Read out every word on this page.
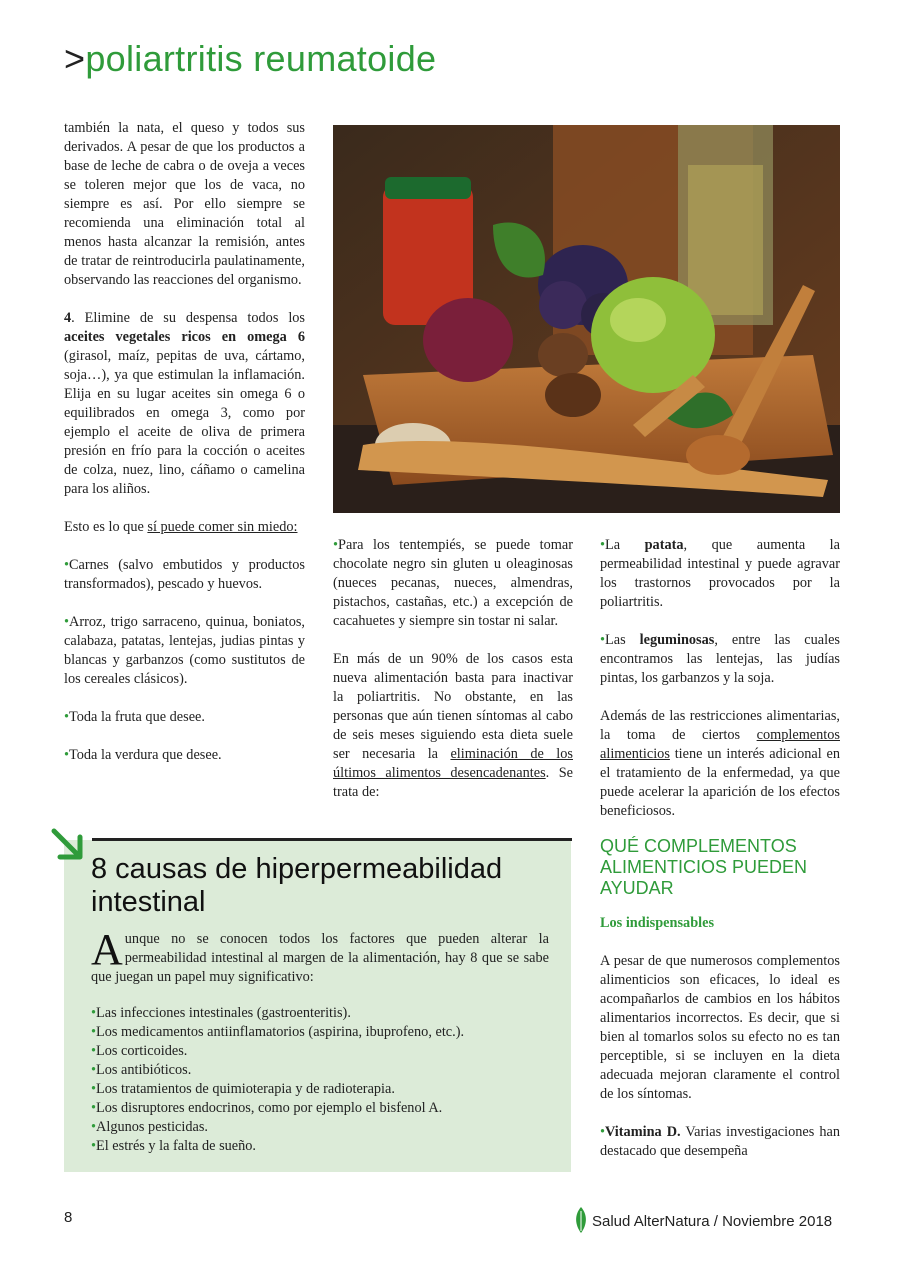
>poliartritis reumatoide

también la nata, el queso y todos sus derivados. A pesar de que los productos a base de leche de cabra o de oveja a veces se toleren mejor que los de vaca, no siempre es así. Por ello siempre se recomienda una eliminación total al menos hasta alcanzar la remisión, antes de tratar de reintroducirla paulatinamente, observando las reacciones del organismo.

4. Elimine de su despensa todos los aceites vegetales ricos en omega 6 (girasol, maíz, pepitas de uva, cártamo, soja…), ya que estimulan la inflamación. Elija en su lugar aceites sin omega 6 o equilibrados en omega 3, como por ejemplo el aceite de oliva de primera presión en frío para la cocción o aceites de colza, nuez, lino, cáñamo o camelina para los aliños.

Esto es lo que sí puede comer sin miedo:

•Carnes (salvo embutidos y productos transformados), pescado y huevos.

•Arroz, trigo sarraceno, quinua, boniatos, calabaza, patatas, lentejas, judias pintas y blancas y garbanzos (como sustitutos de los cereales clásicos).

•Toda la fruta que desee.

•Toda la verdura que desee.

•Para los tentempiés, se puede tomar chocolate negro sin gluten u oleaginosas (nueces pecanas, nueces, almendras, pistachos, castañas, etc.) a excepción de cacahuetes y siempre sin tostar ni salar.

En más de un 90% de los casos esta nueva alimentación basta para inactivar la poliartritis. No obstante, en las personas que aún tienen síntomas al cabo de seis meses siguiendo esta dieta suele ser necesaria la eliminación de los últimos alimentos desencadenantes. Se trata de:

•La patata, que aumenta la permeabilidad intestinal y puede agravar los trastornos provocados por la poliartritis.

•Las leguminosas, entre las cuales encontramos las lentejas, las judías pintas, los garbanzos y la soja.

Además de las restricciones alimentarias, la toma de ciertos complementos alimenticios tiene un interés adicional en el tratamiento de la enfermedad, ya que puede acelerar la aparición de los efectos beneficiosos.

QUÉ COMPLEMENTOS ALIMENTICIOS PUEDEN AYUDAR

Los indispensables

A pesar de que numerosos complementos alimenticios son eficaces, lo ideal es acompañarlos de cambios en los hábitos alimentarios incorrectos. Es decir, que si bien al tomarlos solos su efecto no es tan perceptible, si se incluyen en la dieta adecuada mejoran claramente el control de los síntomas.

•Vitamina D. Varias investigaciones han destacado que desempeña

8 causas de hiperpermeabilidad intestinal
Aunque no se conocen todos los factores que pueden alterar la permeabilidad intestinal al margen de la alimentación, hay 8 que se sabe que juegan un papel muy significativo:
•Las infecciones intestinales (gastroenteritis).
•Los medicamentos antiinflamatorios (aspirina, ibuprofeno, etc.).
•Los corticoides.
•Los antibióticos.
•Los tratamientos de quimioterapia y de radioterapia.
•Los disruptores endocrinos, como por ejemplo el bisfenol A.
•Algunos pesticidas.
•El estrés y la falta de sueño.
8	Salud AlterNatura / Noviembre 2018
